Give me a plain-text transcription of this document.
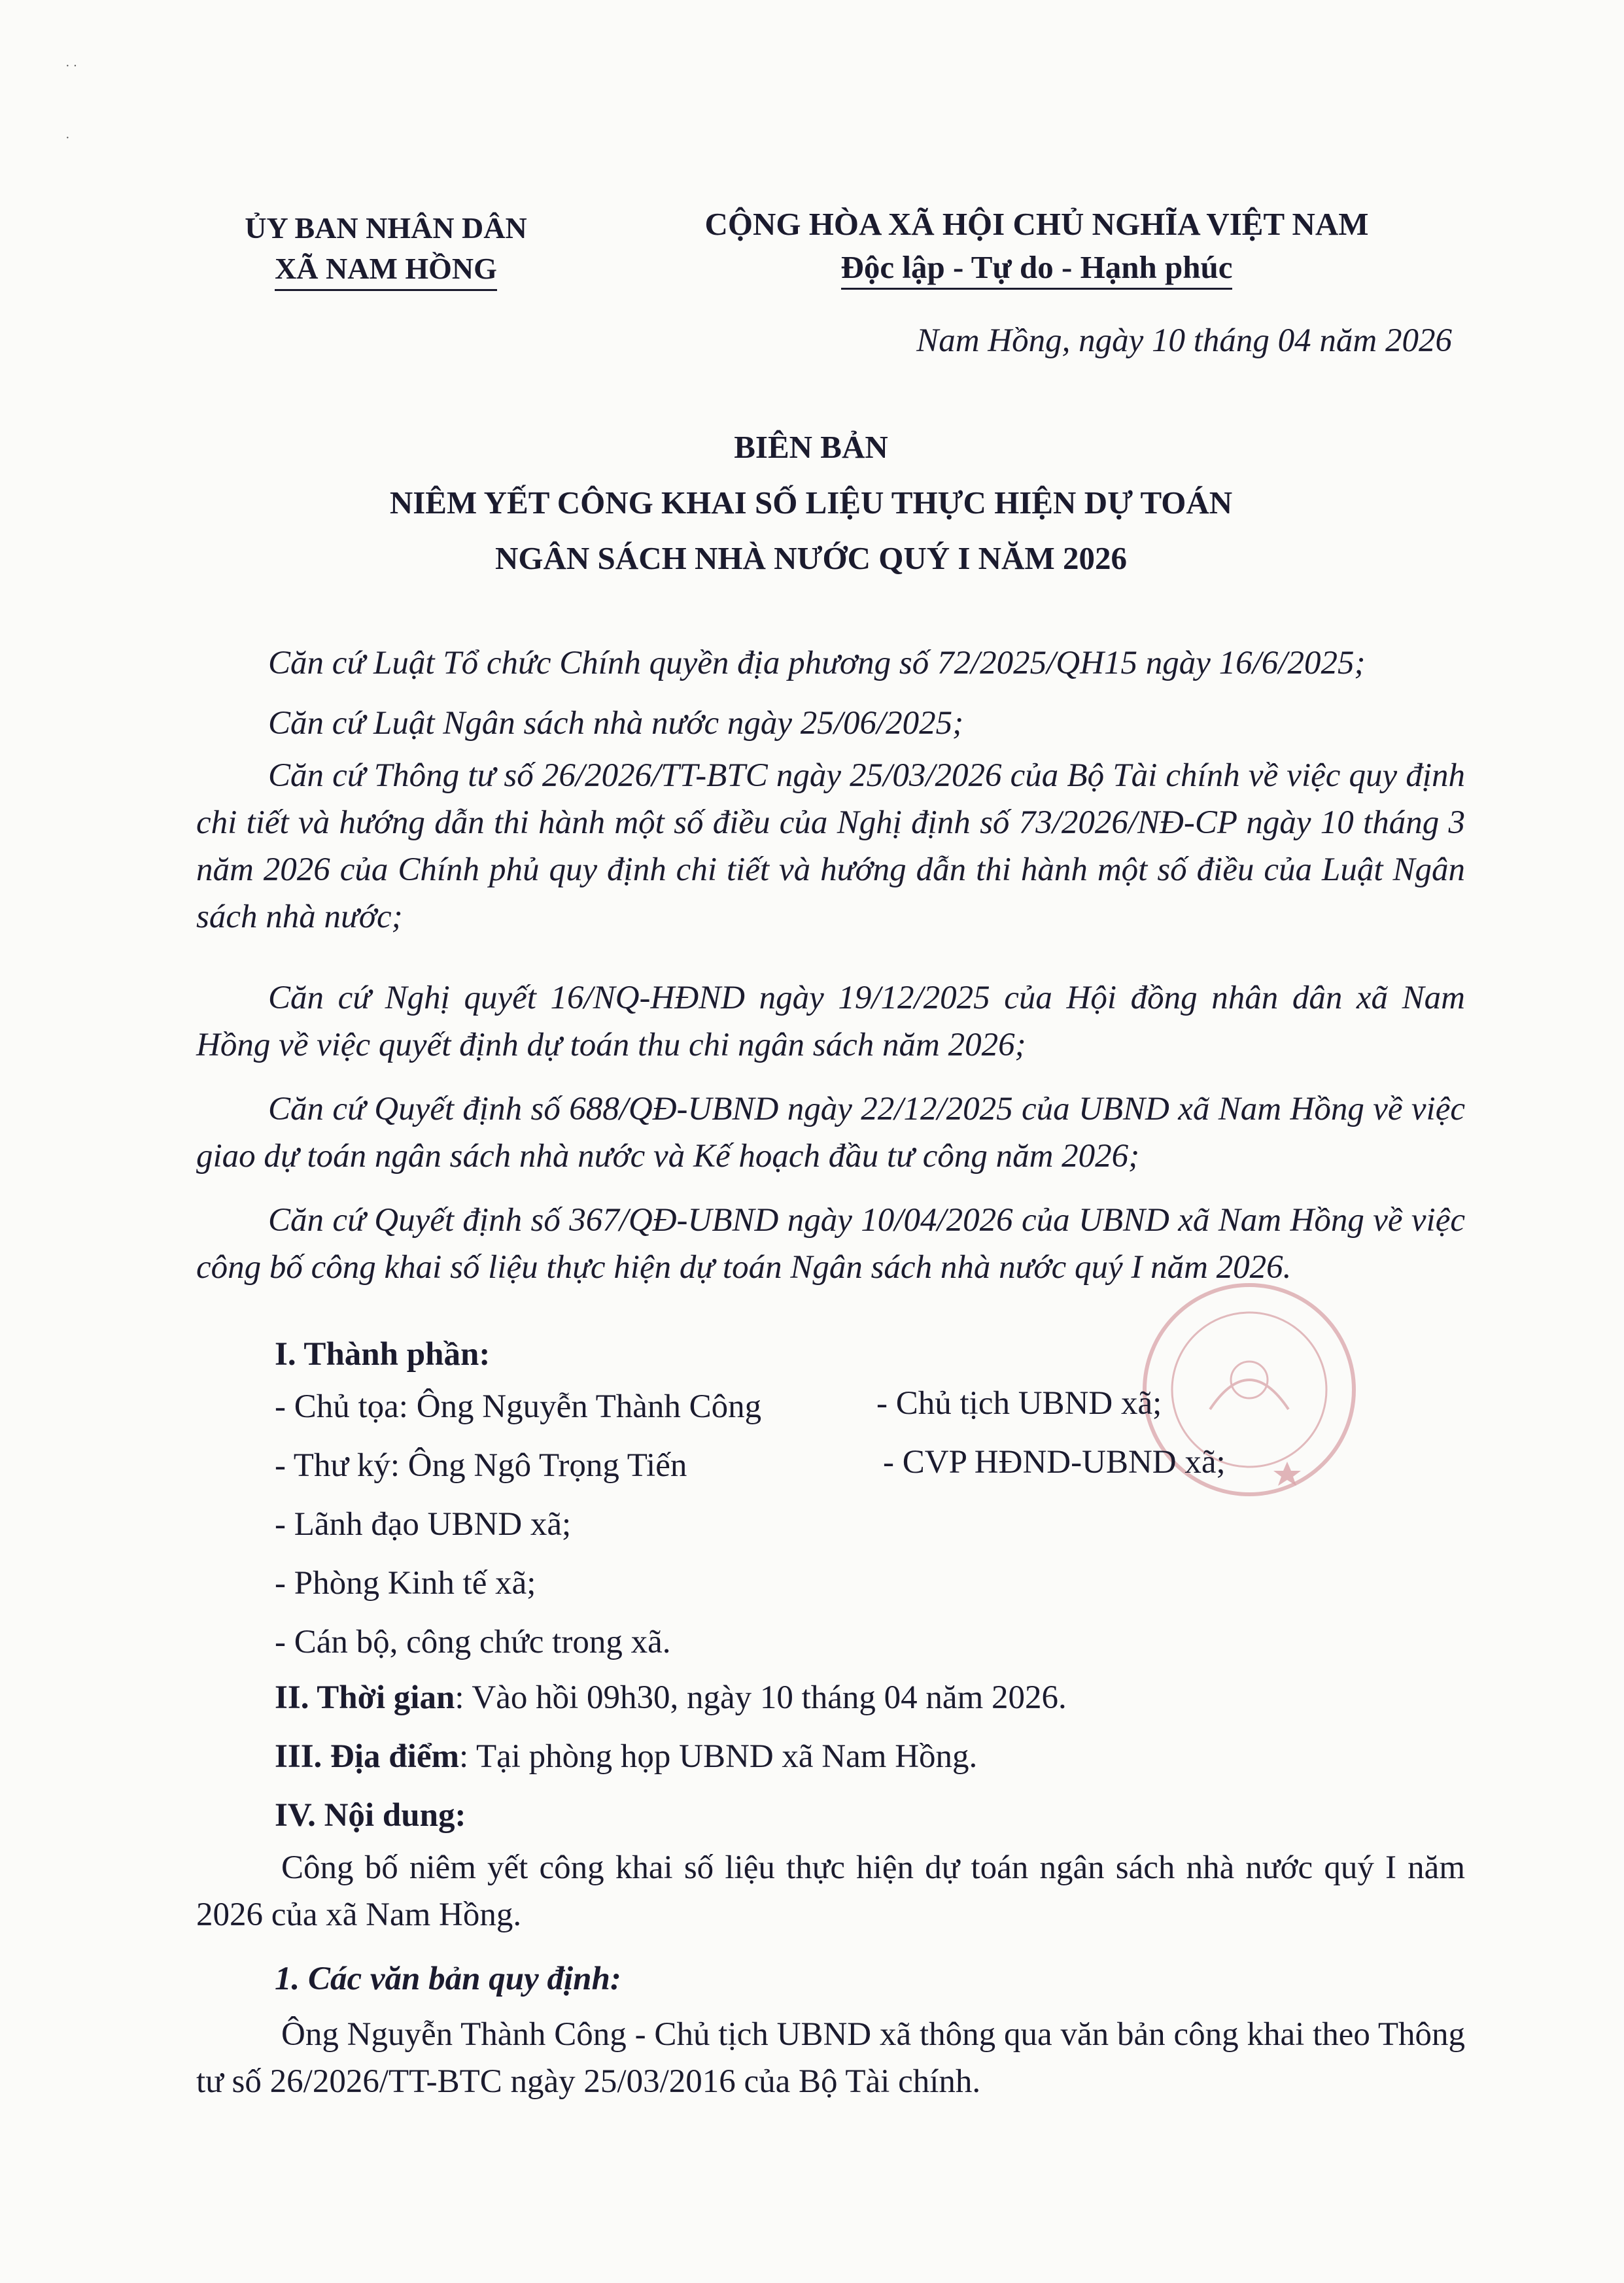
· ·
·
ỦY BAN NHÂN DÂN
XÃ NAM HỒNG
CỘNG HÒA XÃ HỘI CHỦ NGHĨA VIỆT NAM
Độc lập - Tự do - Hạnh phúc
Nam Hồng, ngày 10 tháng 04 năm 2026
BIÊN BẢN
NIÊM YẾT CÔNG KHAI SỐ LIỆU THỰC HIỆN DỰ TOÁN
NGÂN SÁCH NHÀ NƯỚC QUÝ I NĂM 2026
Căn cứ Luật Tổ chức Chính quyền địa phương số 72/2025/QH15 ngày 16/6/2025;
Căn cứ Luật Ngân sách nhà nước ngày 25/06/2025;
Căn cứ Thông tư số 26/2026/TT-BTC ngày 25/03/2026 của Bộ Tài chính về việc quy định chi tiết và hướng dẫn thi hành một số điều của Nghị định số 73/2026/NĐ-CP ngày 10 tháng 3 năm 2026 của Chính phủ quy định chi tiết và hướng dẫn thi hành một số điều của Luật Ngân sách nhà nước;
Căn cứ Nghị quyết 16/NQ-HĐND ngày 19/12/2025 của Hội đồng nhân dân xã Nam Hồng về việc quyết định dự toán thu chi ngân sách năm 2026;
Căn cứ Quyết định số 688/QĐ-UBND ngày 22/12/2025 của UBND xã Nam Hồng về việc giao dự toán ngân sách nhà nước và Kế hoạch đầu tư công năm 2026;
Căn cứ Quyết định số 367/QĐ-UBND ngày 10/04/2026 của UBND xã Nam Hồng về việc công bố công khai số liệu thực hiện dự toán Ngân sách nhà nước quý I năm 2026.
I. Thành phần:
- Chủ tọa: Ông Nguyễn Thành Công	- Chủ tịch UBND xã;
- Thư ký: Ông Ngô Trọng Tiến	- CVP HĐND-UBND xã;
- Lãnh đạo UBND xã;
- Phòng Kinh tế xã;
- Cán bộ, công chức trong xã.
II. Thời gian: Vào hồi 09h30, ngày 10 tháng 04 năm 2026.
III. Địa điểm: Tại phòng họp UBND xã Nam Hồng.
IV. Nội dung:
Công bố niêm yết công khai số liệu thực hiện dự toán ngân sách nhà nước quý I năm 2026 của xã Nam Hồng.
1. Các văn bản quy định:
Ông Nguyễn Thành Công - Chủ tịch UBND xã thông qua văn bản công khai theo Thông tư số 26/2026/TT-BTC ngày 25/03/2016 của Bộ Tài chính.
